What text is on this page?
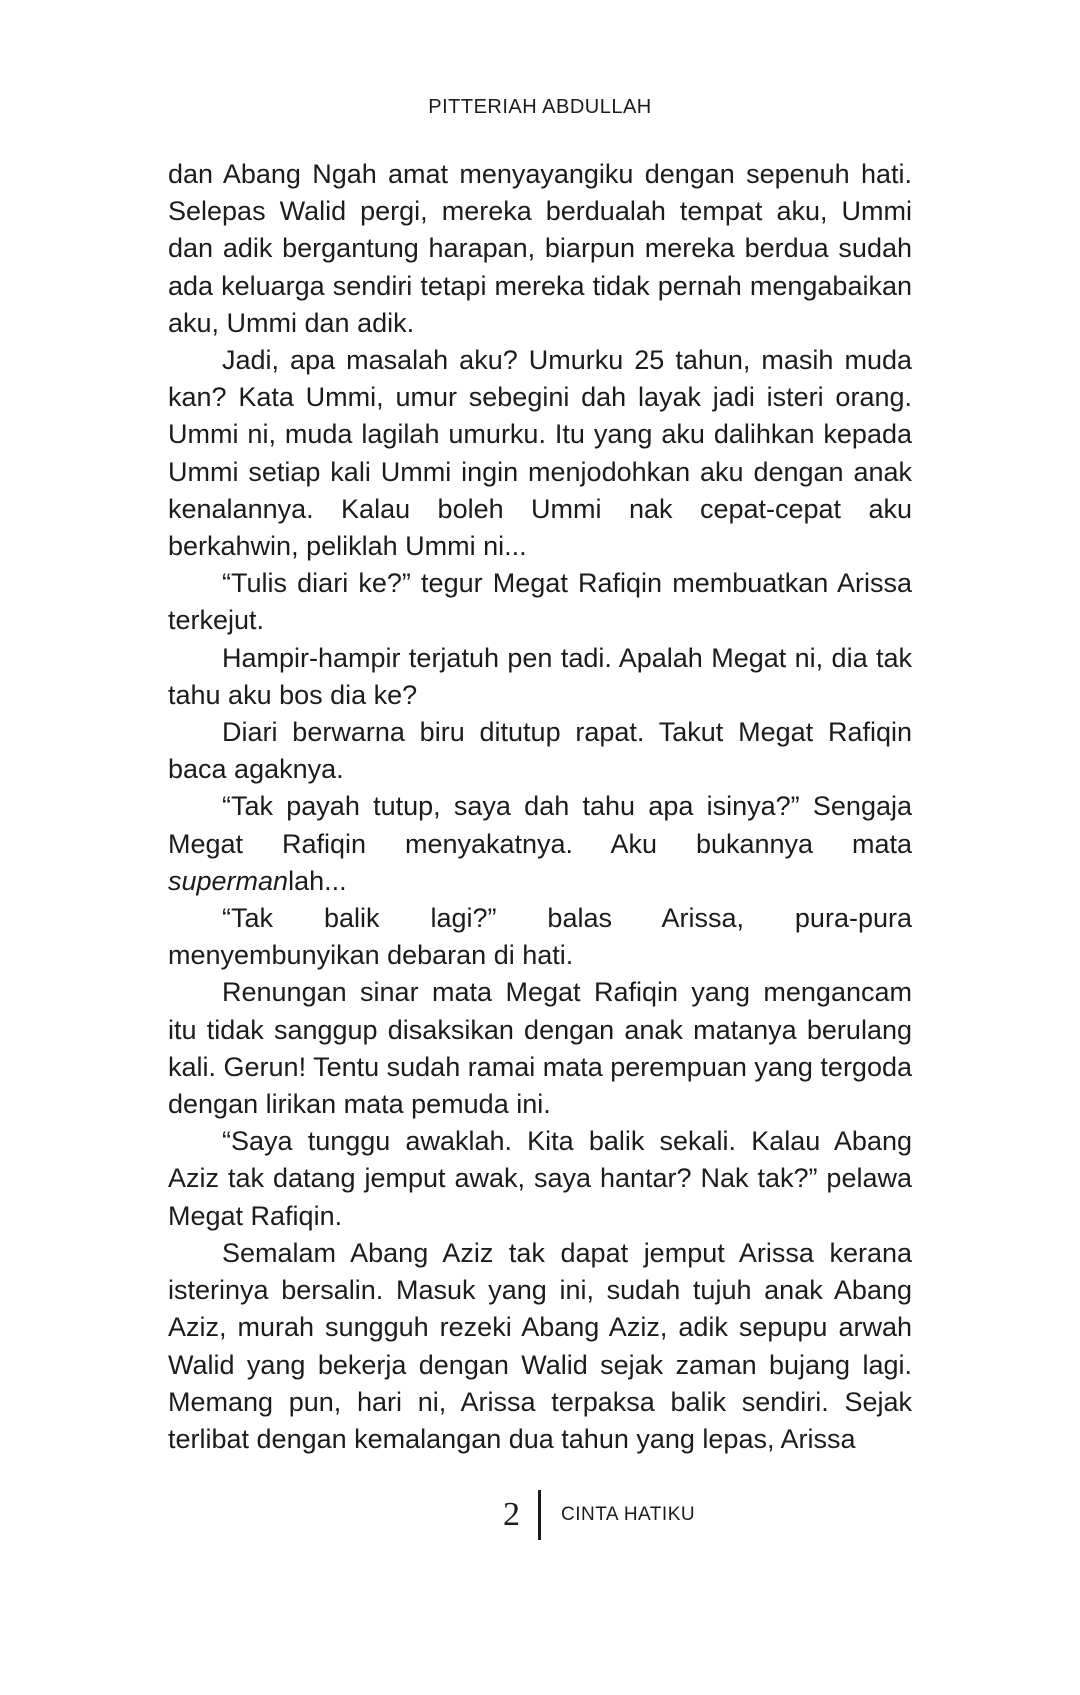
PITTERIAH ABDULLAH

dan Abang Ngah amat menyayangiku dengan sepenuh hati. Selepas Walid pergi, mereka berdualah tempat aku, Ummi dan adik bergantung harapan, biarpun mereka berdua sudah ada keluarga sendiri tetapi mereka tidak pernah mengabaikan aku, Ummi dan adik.

Jadi, apa masalah aku? Umurku 25 tahun, masih muda kan? Kata Ummi, umur sebegini dah layak jadi isteri orang. Ummi ni, muda lagilah umurku. Itu yang aku dalihkan kepada Ummi setiap kali Ummi ingin menjodohkan aku dengan anak kenalannya. Kalau boleh Ummi nak cepat-cepat aku berkahwin, peliklah Ummi ni...

“Tulis diari ke?” tegur Megat Rafiqin membuatkan Arissa terkejut.

Hampir-hampir terjatuh pen tadi. Apalah Megat ni, dia tak tahu aku bos dia ke?

Diari berwarna biru ditutup rapat. Takut Megat Rafiqin baca agaknya.

“Tak payah tutup, saya dah tahu apa isinya?” Sengaja Megat Rafiqin menyakatnya. Aku bukannya mata supermanlah...

“Tak balik lagi?” balas Arissa, pura-pura menyembunyikan debaran di hati.

Renungan sinar mata Megat Rafiqin yang mengancam itu tidak sanggup disaksikan dengan anak matanya berulang kali. Gerun! Tentu sudah ramai mata perempuan yang tergoda dengan lirikan mata pemuda ini.

“Saya tunggu awaklah. Kita balik sekali. Kalau Abang Aziz tak datang jemput awak, saya hantar? Nak tak?” pelawa Megat Rafiqin.

Semalam Abang Aziz tak dapat jemput Arissa kerana isterinya bersalin. Masuk yang ini, sudah tujuh anak Abang Aziz, murah sungguh rezeki Abang Aziz, adik sepupu arwah Walid yang bekerja dengan Walid sejak zaman bujang lagi. Memang pun, hari ni, Arissa terpaksa balik sendiri. Sejak terlibat dengan kemalangan dua tahun yang lepas, Arissa

2 CINTA HATIKU
